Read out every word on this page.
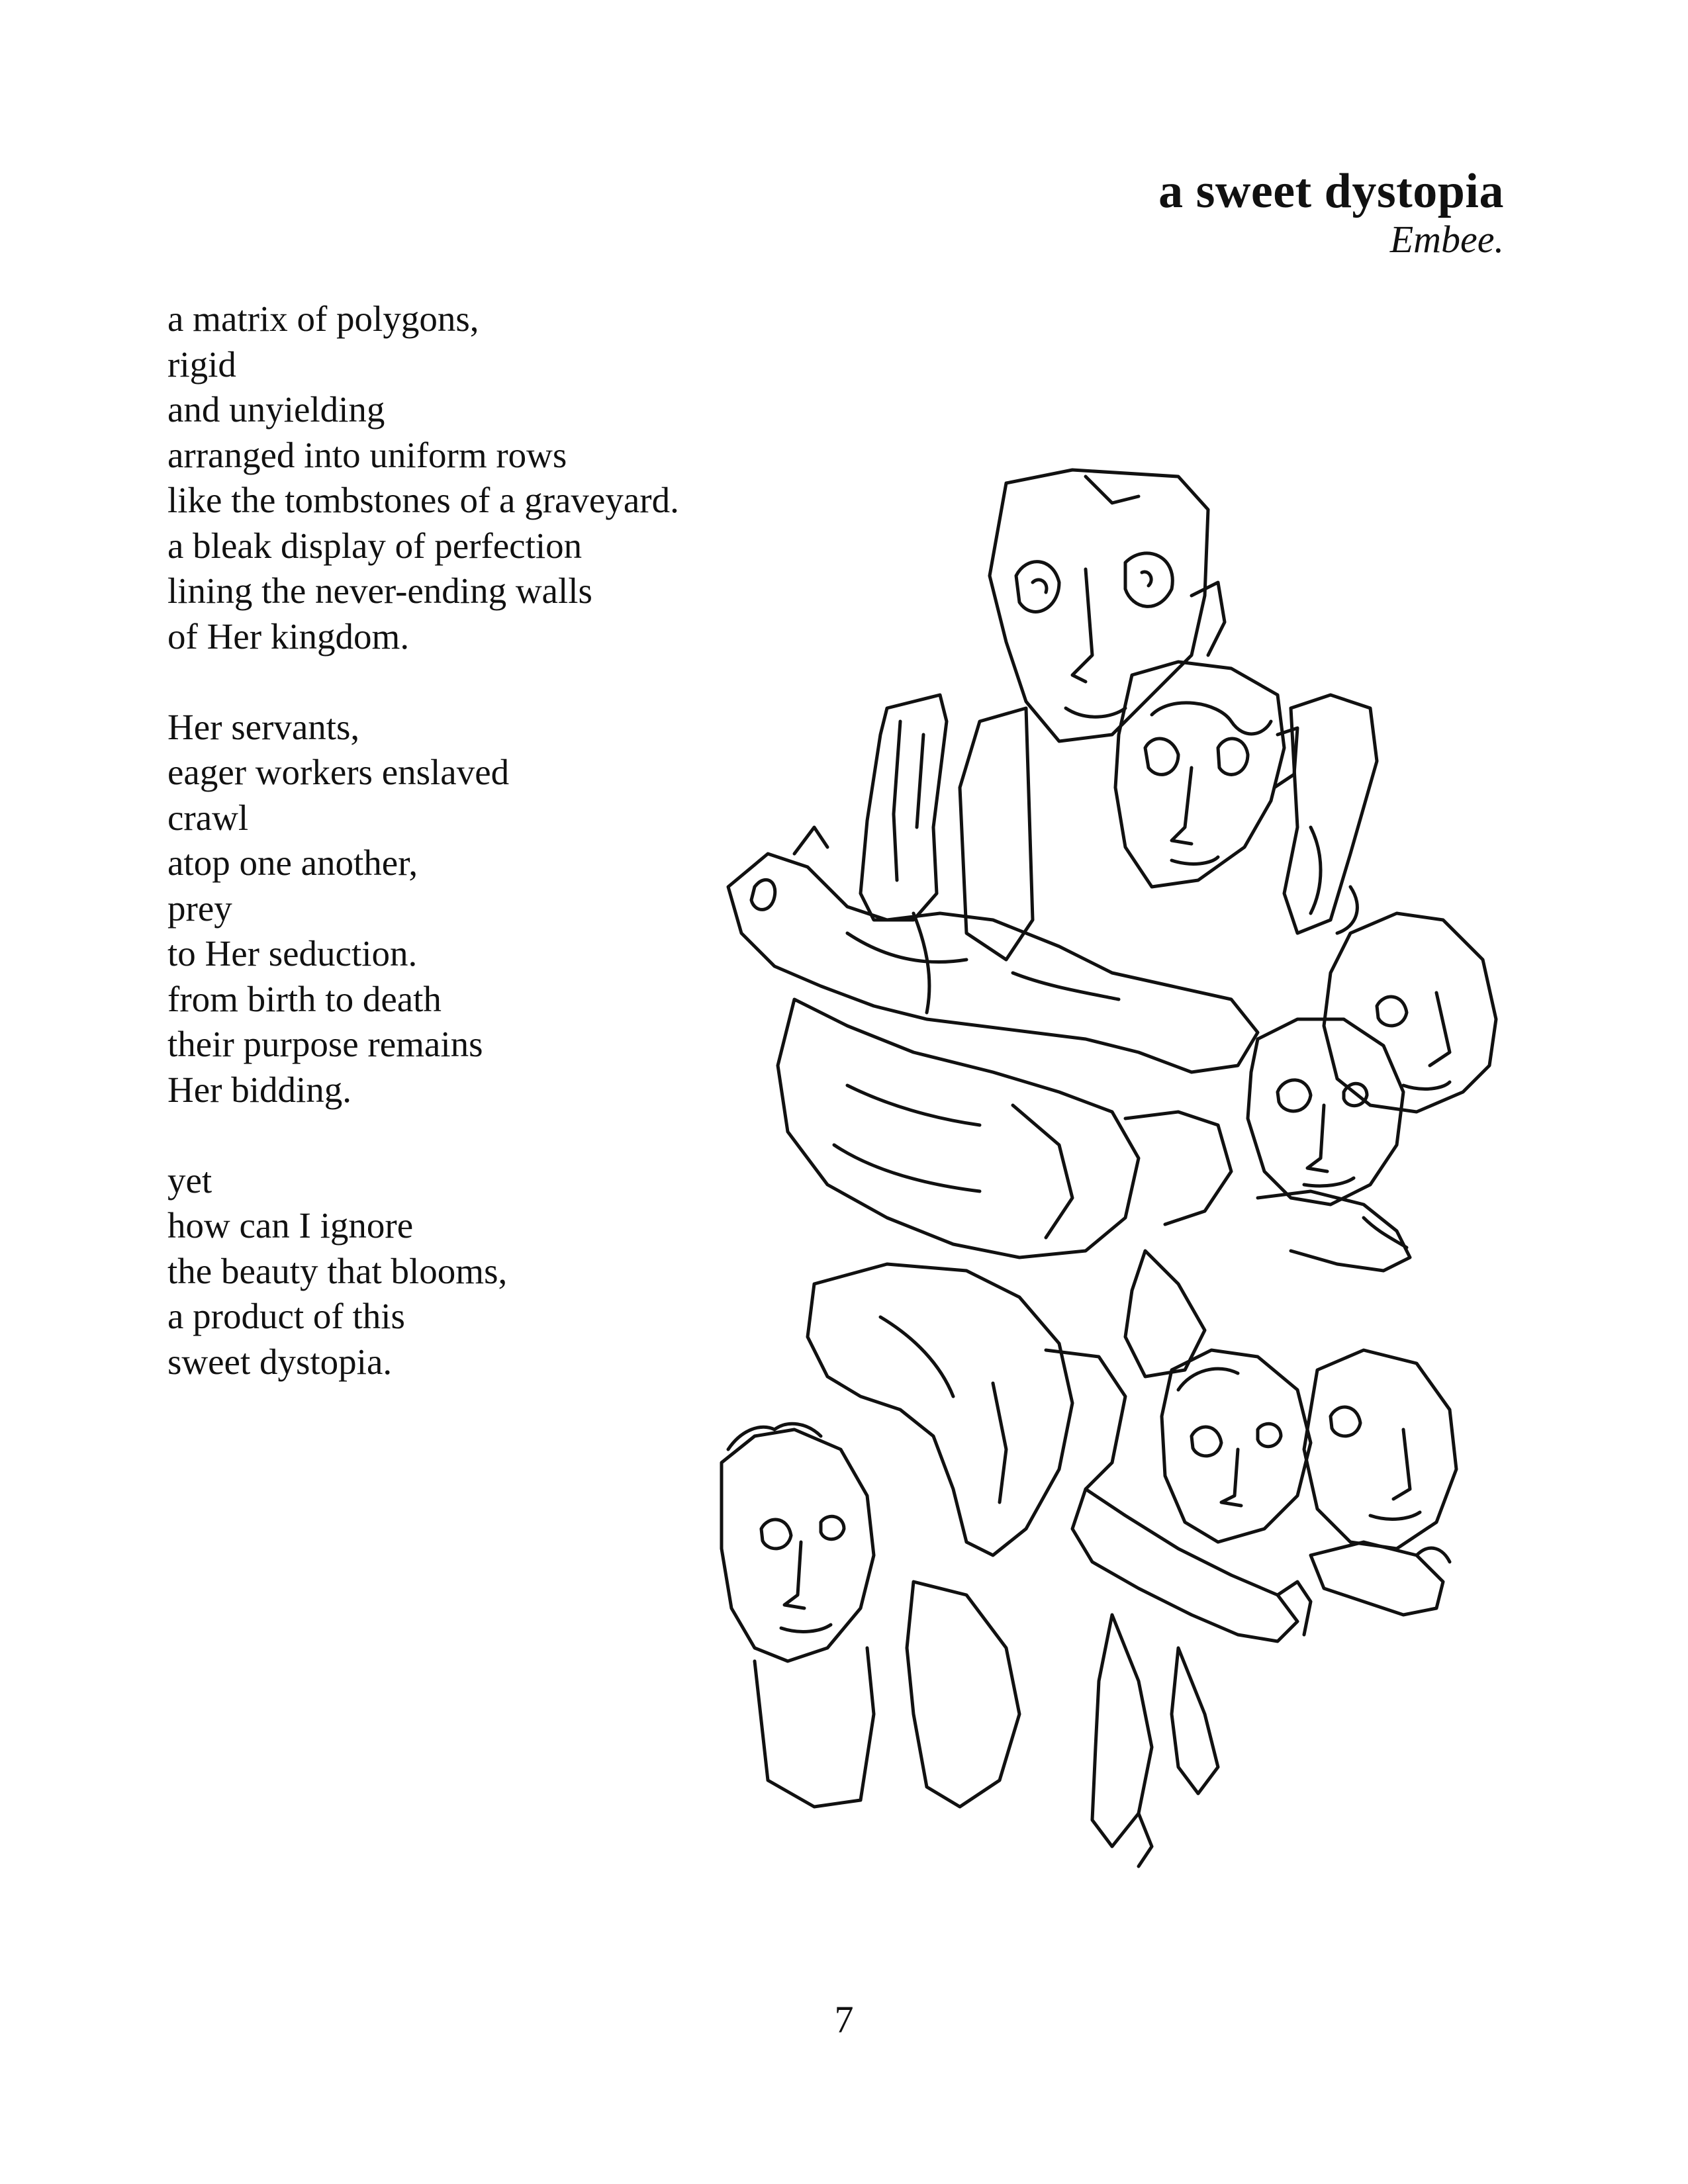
a sweet dystopia
Embee.
a matrix of polygons,
rigid
and unyielding
arranged into uniform rows
like the tombstones of a graveyard.
a bleak display of perfection
lining the never-ending walls
of Her kingdom.
Her servants,
eager workers enslaved
crawl
atop one another,
prey
to Her seduction.
from birth to death
their purpose remains
Her bidding.
yet
how can I ignore
the beauty that blooms,
a product of this
sweet dystopia.
7
